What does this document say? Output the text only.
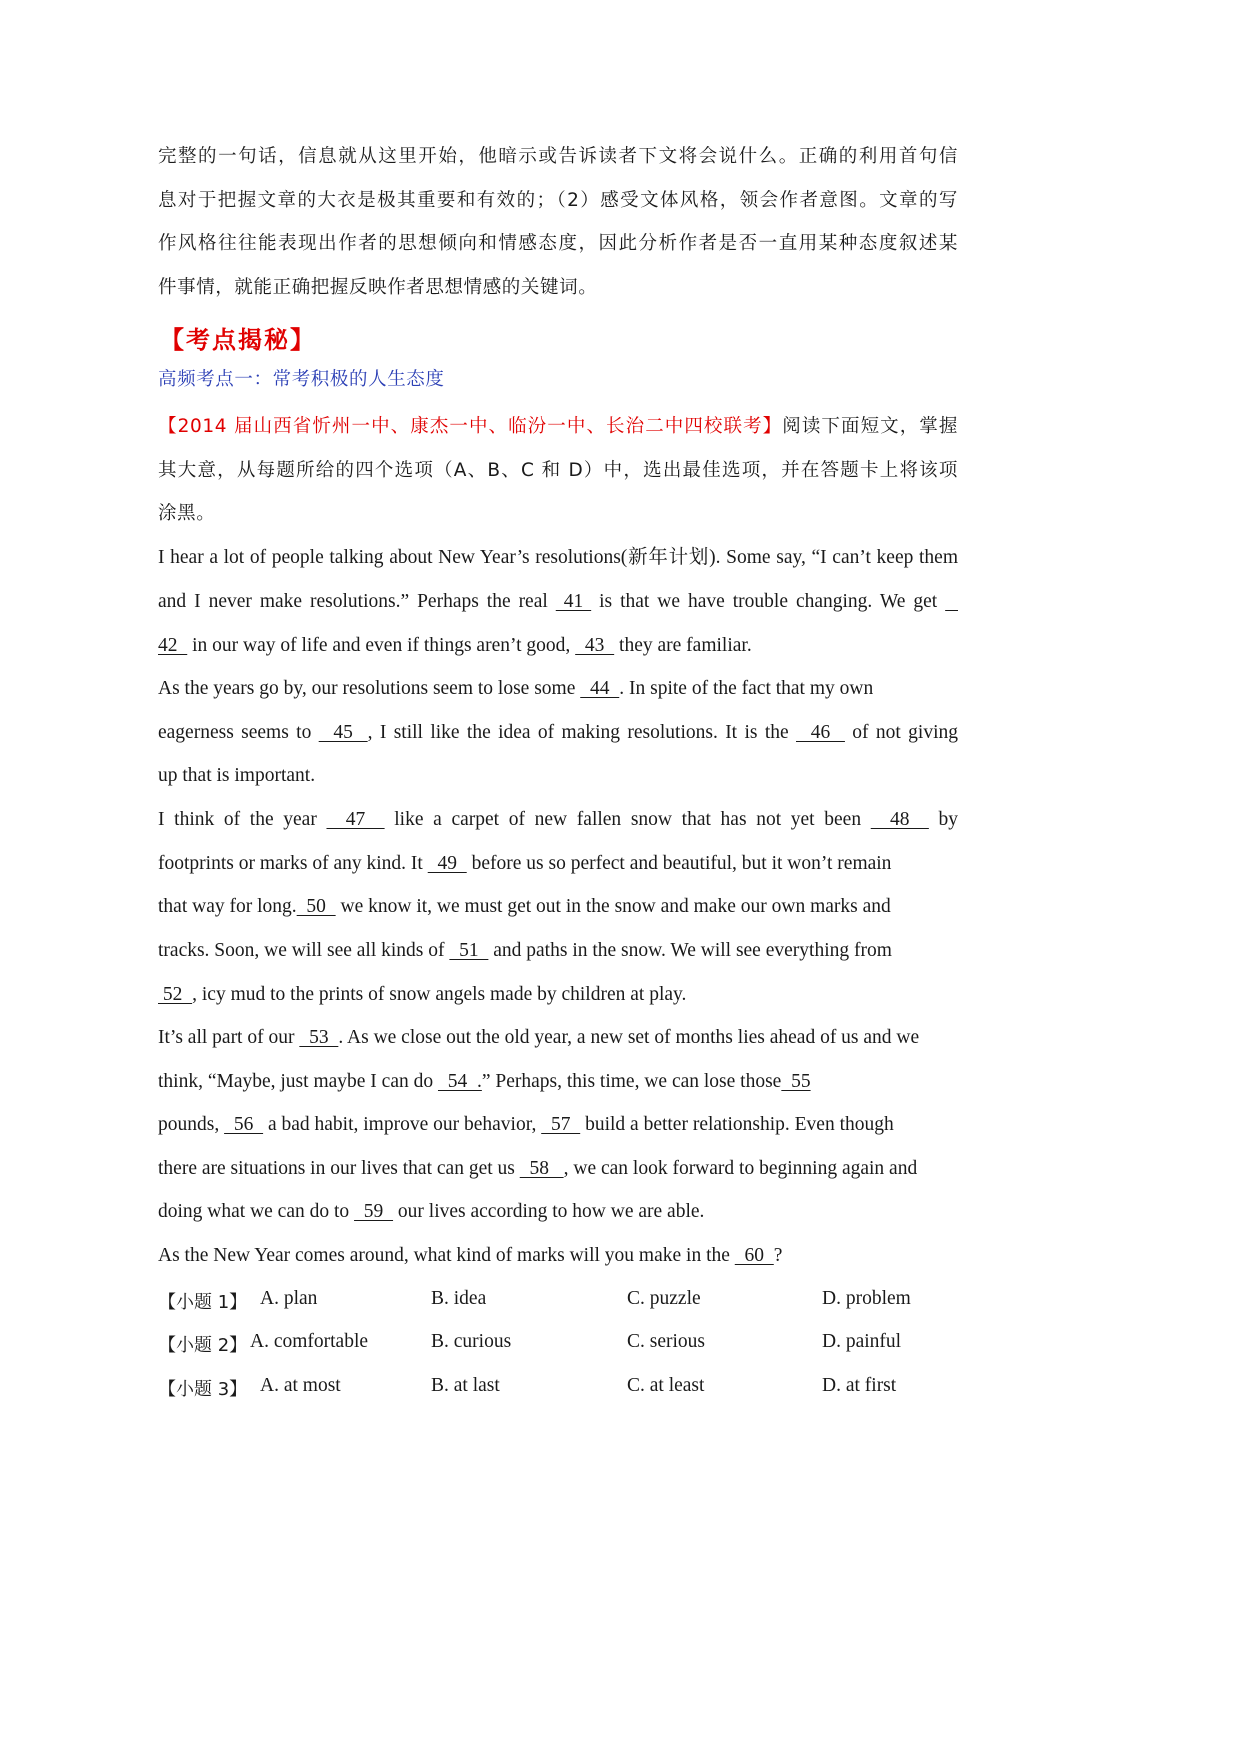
完整的一句话，信息就从这里开始，他暗示或告诉读者下文将会说什么。正确的利用首句信
息对于把握文章的大衣是极其重要和有效的；（2）感受文体风格，领会作者意图。文章的写
作风格往往能表现出作者的思想倾向和情感态度，因此分析作者是否一直用某种态度叙述某
件事情，就能正确把握反映作者思想情感的关键词。
【考点揭秘】
高频考点一：常考积极的人生态度
【2014 届山西省忻州一中、康杰一中、临汾一中、长治二中四校联考】阅读下面短文，掌握
其大意，从每题所给的四个选项（A、B、C 和 D）中，选出最佳选项，并在答题卡上将该项
涂黑。
I hear a lot of people talking about New Year’s resolutions(新年计划). Some say, “I can’t keep them
and I never make resolutions.” Perhaps the real  41  is that we have trouble changing. We get
42   in our way of life and even if things aren’t good,   43   they are familiar.
As the years go by, our resolutions seem to lose some   44  . In spite of the fact that my own
eagerness seems to   45  , I still like the idea of making resolutions. It is the   46   of not giving
up that is important.
I think of the year   47   like a carpet of new fallen snow that has not yet been   48   by
footprints or marks of any kind. It   49   before us so perfect and beautiful, but it won’t remain
that way for long.  50   we know it, we must get out in the snow and make our own marks and
tracks. Soon, we will see all kinds of   51   and paths in the snow. We will see everything from
52  , icy mud to the prints of snow angels made by children at play.
It’s all part of our   53  . As we close out the old year, a new set of months lies ahead of us and we
think, “Maybe, just maybe I can do   54  .” Perhaps, this time, we can lose those  55
pounds,   56   a bad habit, improve our behavior,   57   build a better relationship. Even though
there are situations in our lives that can get us   58   , we can look forward to beginning again and
doing what we can do to   59   our lives according to how we are able.
As the New Year comes around, what kind of marks will you make in the   60  ?
【小题 1】 A. plan	B. idea	C. puzzle	D. problem
【小题 2】 A. comfortable	B. curious	C. serious	D. painful
【小题 3】 A. at most	B. at last	C. at least	D. at first
